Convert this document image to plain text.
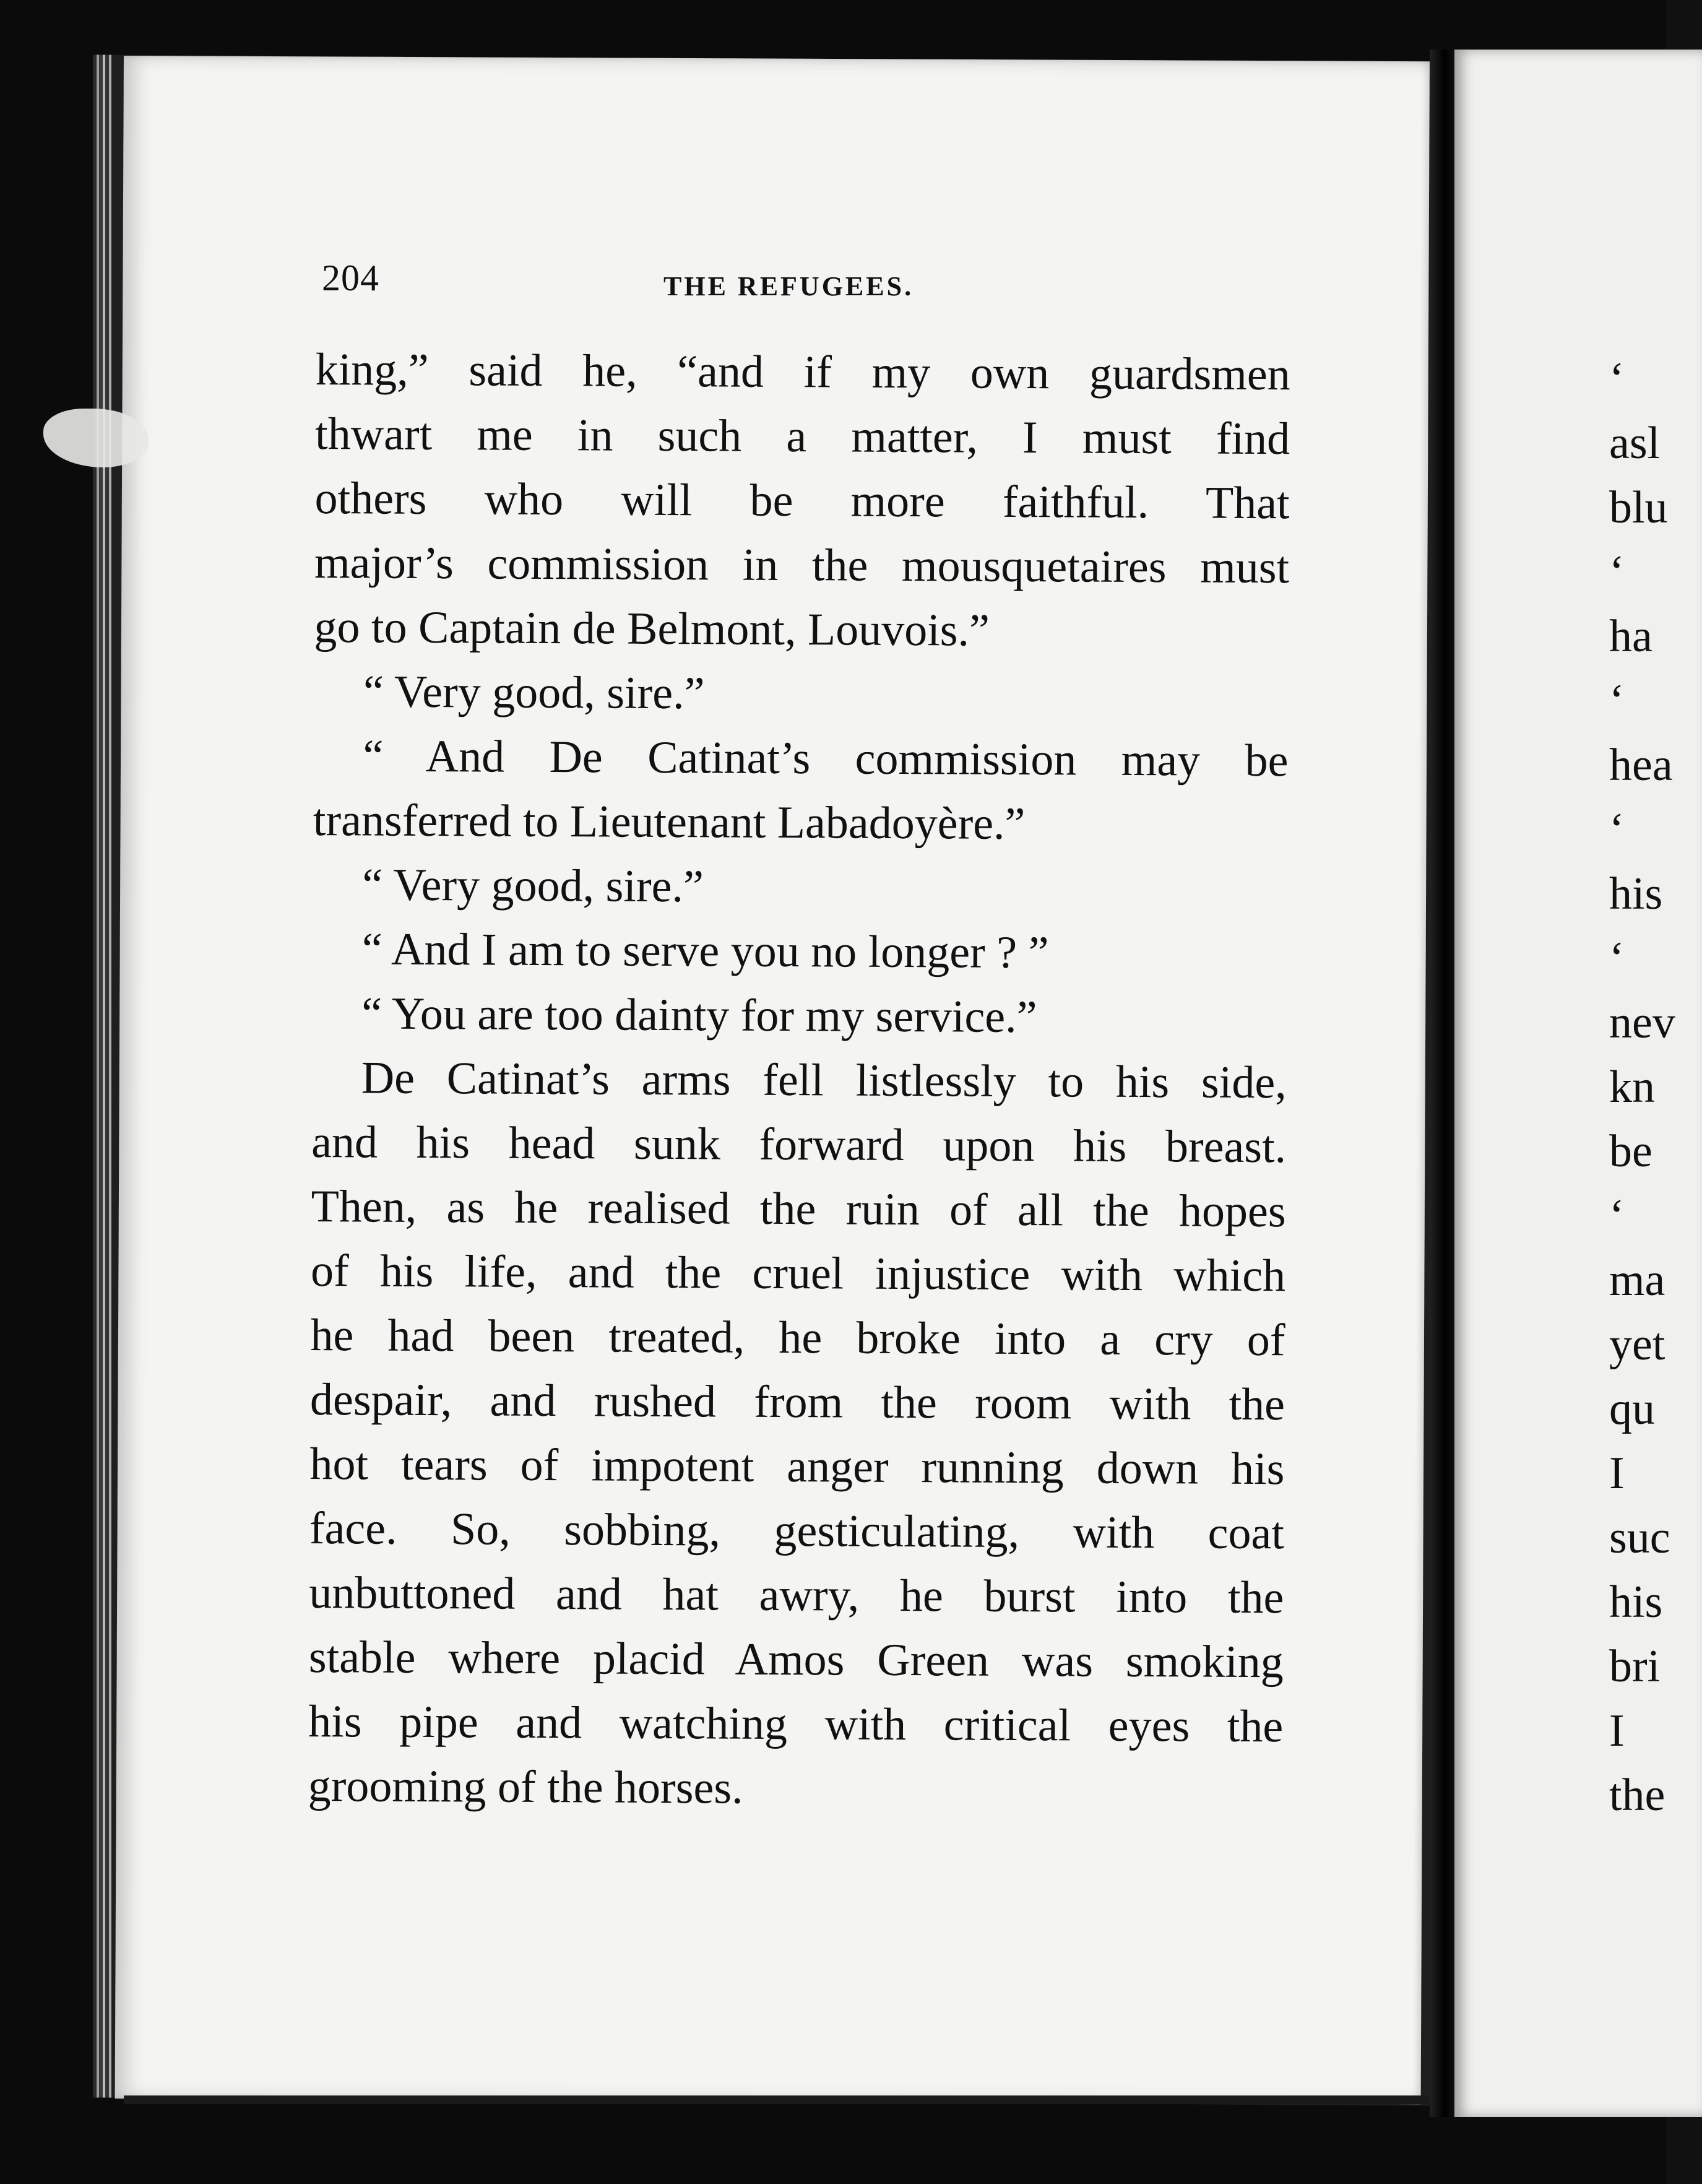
204	THE REFUGEES.
king,” said he, “and if my own guardsmen
thwart me in such a matter, I must find
others who will be more faithful. That
major’s commission in the mousquetaires must
go to Captain de Belmont, Louvois.”
“ Very good, sire.”
“ And De Catinat’s commission may be
transferred to Lieutenant Labadoyère.”
“ Very good, sire.”
“ And I am to serve you no longer ? ”
“ You are too dainty for my service.”
De Catinat’s arms fell listlessly to his side,
and his head sunk forward upon his breast.
Then, as he realised the ruin of all the hopes
of his life, and the cruel injustice with which
he had been treated, he broke into a cry of
despair, and rushed from the room with the
hot tears of impotent anger running down his
face. So, sobbing, gesticulating, with coat
unbuttoned and hat awry, he burst into the
stable where placid Amos Green was smoking
his pipe and watching with critical eyes the
grooming of the horses.
‘
asl
blu
‘
ha
‘
hea
‘
his
‘
nev
kn
be
‘
ma
yet
qu
I
suc
his
bri
I
the
